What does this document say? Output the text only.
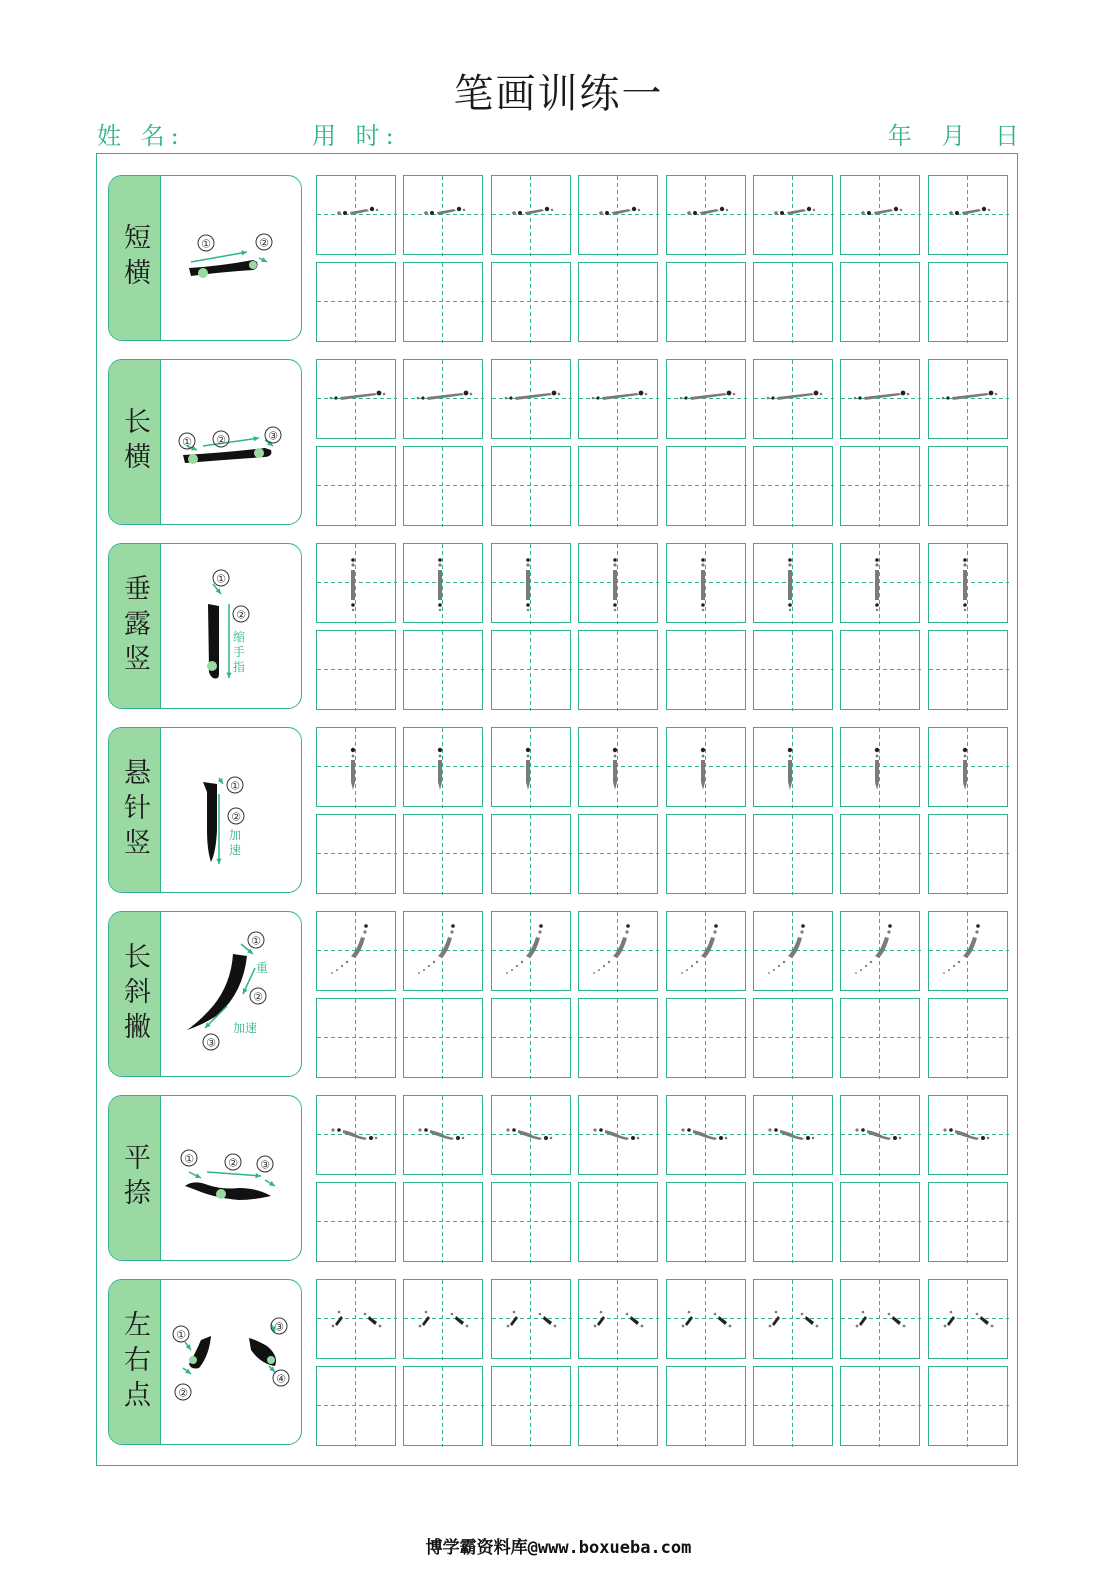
笔画训练一
姓 名:	用 时:	年 月 日
短横	①	②
长横	① ②	③
垂露竖	①
②
缩
手
指
悬针竖	①
②
加
速
长斜撇
①
②
③
重
加速
平捺	①	② ③
左右点	①
②
③
④
博学霸资料库@www.boxueba.com
